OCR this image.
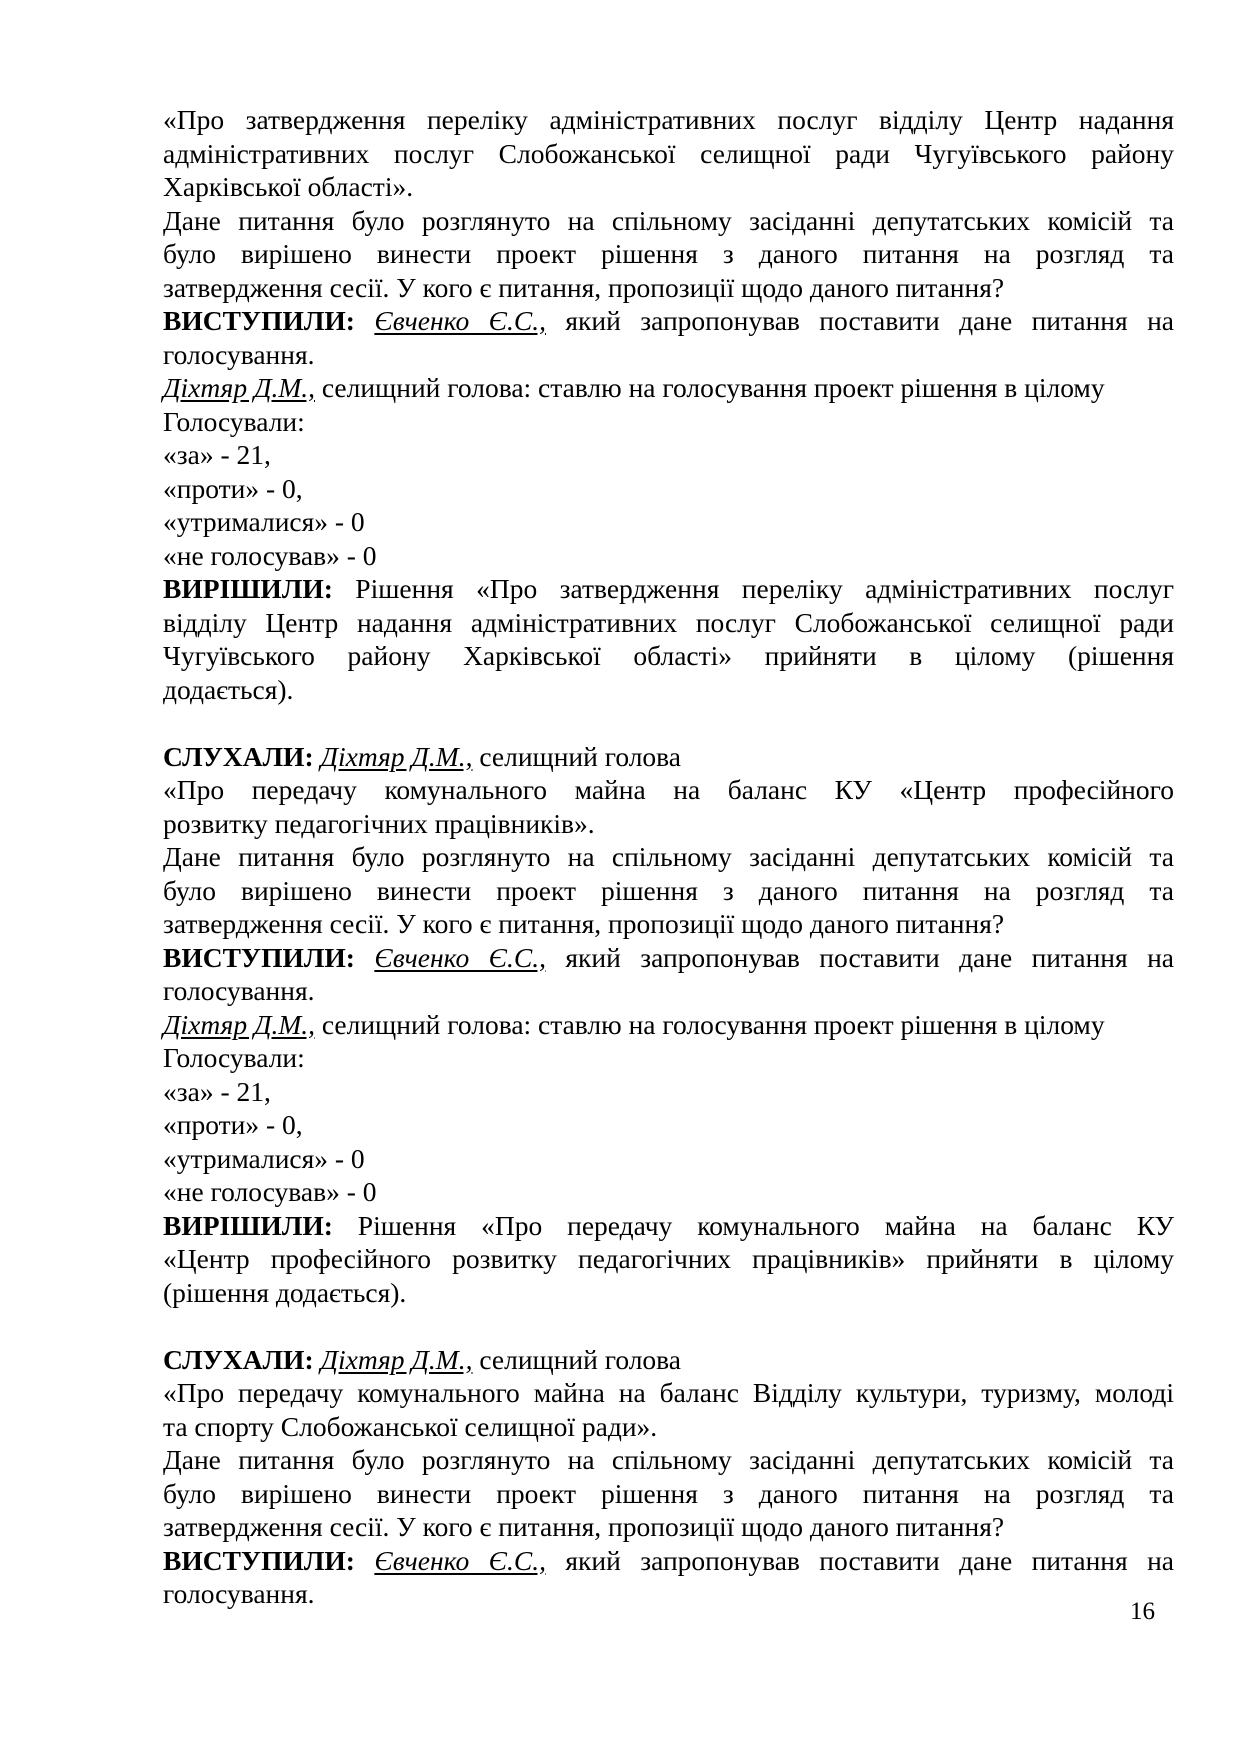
«Про затвердження переліку адміністративних послуг відділу Центр надання
адміністративних послуг Слобожанської селищної ради Чугуївського району
Харківської області».
Дане питання було розглянуто на спільному засіданні депутатських комісій та
було вирішено винести проект рішення з даного питання на розгляд та
затвердження сесії. У кого є питання, пропозиції щодо даного питання?
ВИСТУПИЛИ: Євченко Є.С., який запропонував поставити дане питання на
голосування.
Діхтяр Д.М., селищний голова: ставлю на голосування проект рішення в цілому
Голосували:
«за» - 21,
«проти» - 0,
«утрималися» - 0
«не голосував» - 0
ВИРІШИЛИ: Рішення «Про затвердження переліку адміністративних послуг
відділу Центр надання адміністративних послуг Слобожанської селищної ради
Чугуївського району Харківської області» прийняти в цілому (рішення
додається).
СЛУХАЛИ: Діхтяр Д.М., селищний голова
«Про передачу комунального майна на баланс КУ «Центр професійного
розвитку педагогічних працівників».
Дане питання було розглянуто на спільному засіданні депутатських комісій та
було вирішено винести проект рішення з даного питання на розгляд та
затвердження сесії. У кого є питання, пропозиції щодо даного питання?
ВИСТУПИЛИ: Євченко Є.С., який запропонував поставити дане питання на
голосування.
Діхтяр Д.М., селищний голова: ставлю на голосування проект рішення в цілому
Голосували:
«за» - 21,
«проти» - 0,
«утрималися» - 0
«не голосував» - 0
ВИРІШИЛИ: Рішення «Про передачу комунального майна на баланс КУ
«Центр професійного розвитку педагогічних працівників» прийняти в цілому
(рішення додається).
СЛУХАЛИ: Діхтяр Д.М., селищний голова
«Про передачу комунального майна на баланс Відділу культури, туризму, молоді
та спорту Слобожанської селищної ради».
Дане питання було розглянуто на спільному засіданні депутатських комісій та
було вирішено винести проект рішення з даного питання на розгляд та
затвердження сесії. У кого є питання, пропозиції щодо даного питання?
ВИСТУПИЛИ: Євченко Є.С., який запропонував поставити дане питання на
голосування.
16
